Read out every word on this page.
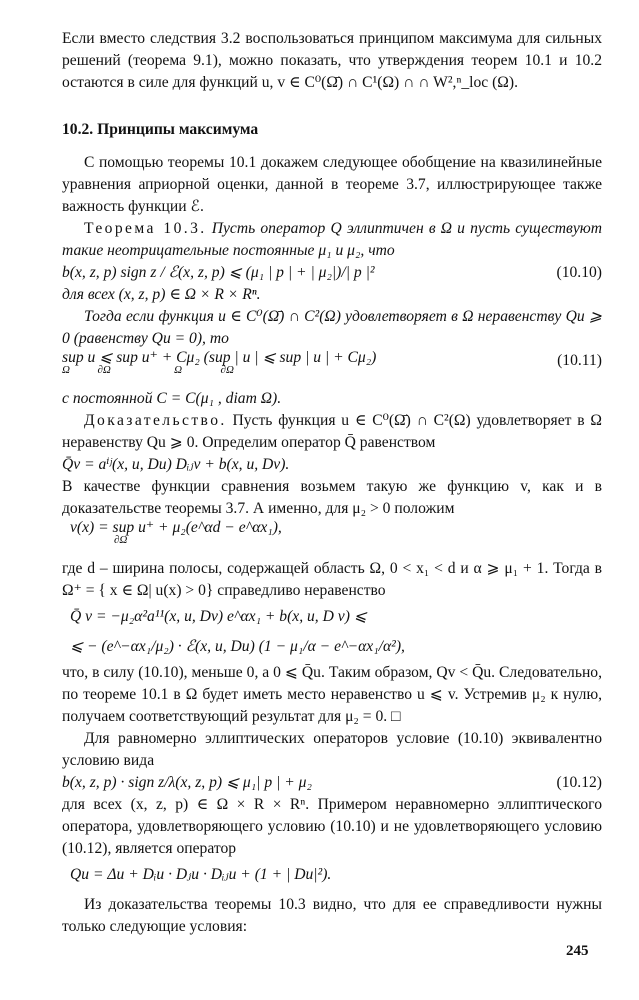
Если вместо следствия 3.2 воспользоваться принципом максимума для сильных решений (теорема 9.1), можно показать, что утверждения теорем 10.1 и 10.2 остаются в силе для функций u, v ∈ C⁰(Ω̄) ∩ C¹(Ω) ∩ ∩ W²,ⁿ_loc (Ω).

10.2. Принципы максимума

С помощью теоремы 10.1 докажем следующее обобщение на квазилинейные уравнения априорной оценки, данной в теореме 3.7, иллюстрирующее также важность функции ℰ.

Теорема 10.3. Пусть оператор Q эллиптичен в Ω и пусть существуют такие неотрицательные постоянные μ₁ и μ₂, что

b(x, z, p) sign z / ℰ(x, z, p) ⩽ (μ₁ | p | + | μ₂|)/| p |²	(10.10)

для всех (x, z, p) ∈ Ω × R × Rⁿ.

Тогда если функция u ∈ C⁰(Ω̄) ∩ C²(Ω) удовлетворяет в Ω неравенству Qu ⩾ 0 (равенству Qu = 0), то

sup u ⩽ sup u⁺ + Cμ₂ (sup | u | ⩽ sup | u | + Cμ₂)
Ω          ∂Ω                       Ω              ∂Ω
(10.11)

с постоянной C = C(μ₁ , diam Ω).

Доказательство. Пусть функция u ∈ C⁰(Ω̄) ∩ C²(Ω) удовлетворяет в Ω неравенству Qu ⩾ 0. Определим оператор Q̄ равенством

Q̄v = aⁱʲ(x, u, Du) Dᵢⱼv + b(x, u, Dv).

В качестве функции сравнения возьмем такую же функцию v, как и в доказательстве теоремы 3.7. А именно, для μ₂ > 0 положим

v(x) = sup u⁺ + μ₂(e^αd − e^αx₁),
∂Ω

где d – ширина полосы, содержащей область Ω, 0 < x₁ < d и α ⩾ μ₁ + 1. Тогда в Ω⁺ = { x ∈ Ω| u(x) > 0} справедливо неравенство

Q̄ v = −μ₂α²a¹¹(x, u, Dv) e^αx₁ + b(x, u, D v) ⩽
⩽ − (e^−αx₁/μ₂) · ℰ(x, u, Du) (1 − μ₁/α − e^−αx₁/α²),

что, в силу (10.10), меньше 0, а 0 ⩽ Q̄u. Таким образом, Qv < Q̄u. Следовательно, по теореме 10.1 в Ω будет иметь место неравенство u ⩽ v. Устремив μ₂ к нулю, получаем соответствующий результат для μ₂ = 0. □

Для равномерно эллиптических операторов условие (10.10) эквивалентно условию вида

b(x, z, p) · sign z/λ(x, z, p) ⩽ μ₁| p | + μ₂	(10.12)

для всех (x, z, p) ∈ Ω × R × Rⁿ. Примером неравномерно эллиптического оператора, удовлетворяющего условию (10.10) и не удовлетворяющего условию (10.12), является оператор

Qu = Δu + Dᵢu · Dⱼu · Dᵢⱼu + (1 + | Du|²).

Из доказательства теоремы 10.3 видно, что для ее справедливости нужны только следующие условия:

245
